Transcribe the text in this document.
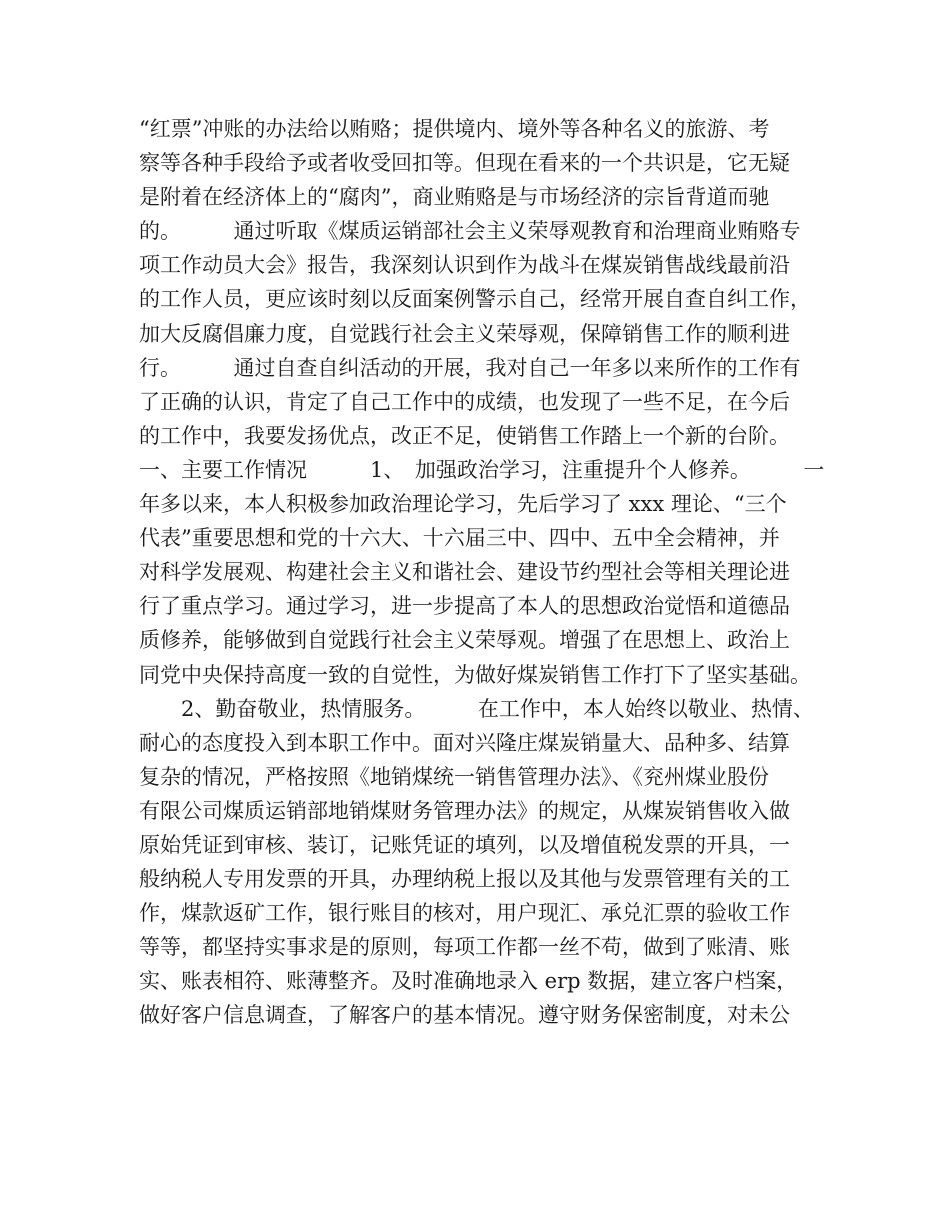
“红票”冲账的办法给以贿赂；提供境内、境外等各种名义的旅游、考
察等各种手段给予或者收受回扣等。但现在看来的一个共识是，它无疑
是附着在经济体上的“腐肉”，商业贿赂是与市场经济的宗旨背道而驰
的。　　　通过听取《煤质运销部社会主义荣辱观教育和治理商业贿赂专
项工作动员大会》报告，我深刻认识到作为战斗在煤炭销售战线最前沿
的工作人员，更应该时刻以反面案例警示自己，经常开展自查自纠工作，
加大反腐倡廉力度，自觉践行社会主义荣辱观，保障销售工作的顺利进
行。　　　通过自查自纠活动的开展，我对自己一年多以来所作的工作有
了正确的认识，肯定了自己工作中的成绩，也发现了一些不足，在今后
的工作中，我要发扬优点，改正不足，使销售工作踏上一个新的台阶。
一、主要工作情况　　　1、　加强政治学习，注重提升个人修养。　　　一
年多以来，本人积极参加政治理论学习，先后学习了 xxx 理论、“三个
代表”重要思想和党的十六大、十六届三中、四中、五中全会精神，并
对科学发展观、构建社会主义和谐社会、建设节约型社会等相关理论进
行了重点学习。通过学习，进一步提高了本人的思想政治觉悟和道德品
质修养，能够做到自觉践行社会主义荣辱观。增强了在思想上、政治上
同党中央保持高度一致的自觉性，为做好煤炭销售工作打下了坚实基础。
　　2、勤奋敬业，热情服务。　　　在工作中，本人始终以敬业、热情、
耐心的态度投入到本职工作中。面对兴隆庄煤炭销量大、品种多、结算
复杂的情况，严格按照《地销煤统一销售管理办法》、《兖州煤业股份
有限公司煤质运销部地销煤财务管理办法》的规定，从煤炭销售收入做
原始凭证到审核、装订，记账凭证的填列，以及增值税发票的开具，一
般纳税人专用发票的开具，办理纳税上报以及其他与发票管理有关的工
作，煤款返矿工作，银行账目的核对，用户现汇、承兑汇票的验收工作
等等，都坚持实事求是的原则，每项工作都一丝不苟，做到了账清、账
实、账表相符、账薄整齐。及时准确地录入 erp 数据，建立客户档案，
做好客户信息调查，了解客户的基本情况。遵守财务保密制度，对未公
